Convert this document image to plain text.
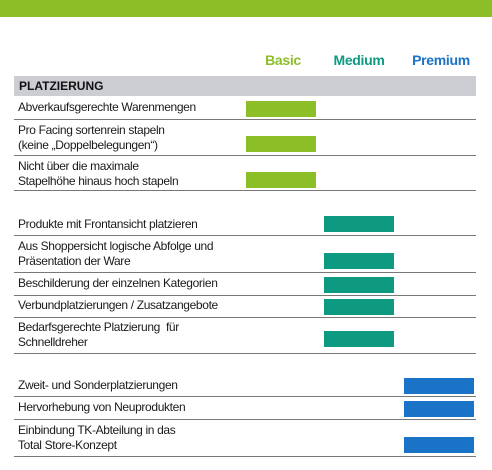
Basic	Medium	Premium
PLATZIERUNG
Abverkaufsgerechte Warenmengen
Pro Facing sortenrein stapeln
(keine „Doppelbelegungen“)
Nicht über die maximale
Stapelhöhe hinaus hoch stapeln
Produkte mit Frontansicht platzieren
Aus Shoppersicht logische Abfolge und
Präsentation der Ware
Beschilderung der einzelnen Kategorien
Verbundplatzierungen / Zusatzangebote
Bedarfsgerechte Platzierung  für
Schnelldreher
Zweit- und Sonderplatzierungen
Hervorhebung von Neuprodukten
Einbindung TK-Abteilung in das
Total Store-Konzept
